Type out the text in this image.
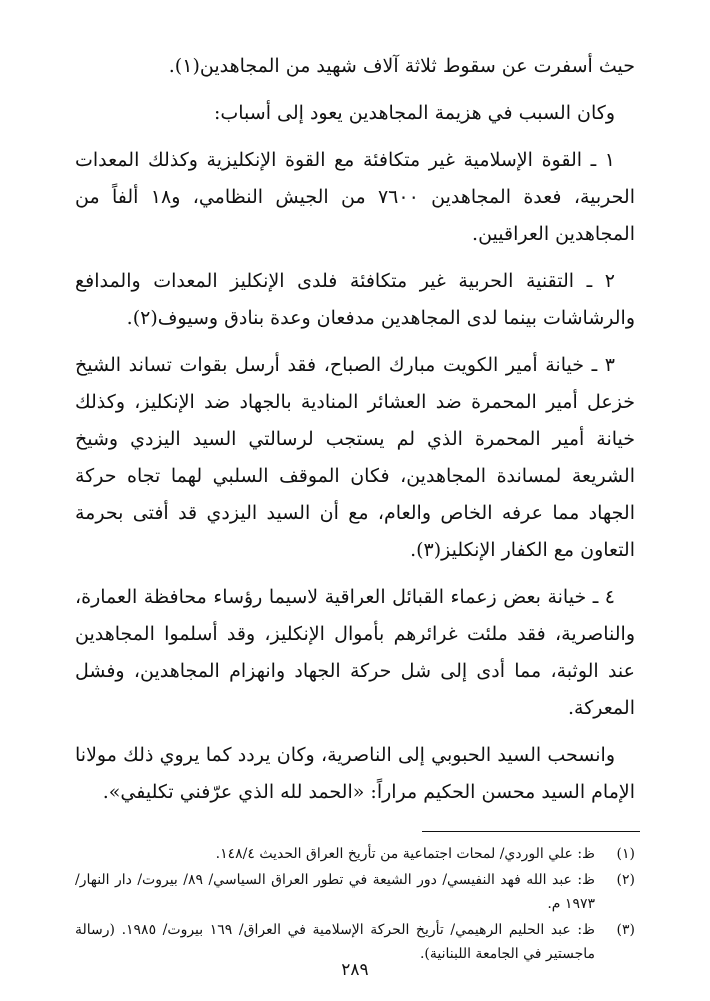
حيث أسفرت عن سقوط ثلاثة آلاف شهيد من المجاهدين(١).

وكان السبب في هزيمة المجاهدين يعود إلى أسباب:

١ ـ القوة الإسلامية غير متكافئة مع القوة الإنكليزية وكذلك المعدات الحربية، فعدة المجاهدين ٧٦٠٠ من الجيش النظامي، و١٨ ألفاً من المجاهدين العراقيين.

٢ ـ التقنية الحربية غير متكافئة فلدى الإنكليز المعدات والمدافع والرشاشات بينما لدى المجاهدين مدفعان وعدة بنادق وسيوف(٢).

٣ ـ خيانة أمير الكويت مبارك الصباح، فقد أرسل بقوات تساند الشيخ خزعل أمير المحمرة ضد العشائر المنادية بالجهاد ضد الإنكليز، وكذلك خيانة أمير المحمرة الذي لم يستجب لرسالتي السيد اليزدي وشيخ الشريعة لمساندة المجاهدين، فكان الموقف السلبي لهما تجاه حركة الجهاد مما عرفه الخاص والعام، مع أن السيد اليزدي قد أفتى بحرمة التعاون مع الكفار الإنكليز(٣).

٤ ـ خيانة بعض زعماء القبائل العراقية لاسيما رؤساء محافظة العمارة، والناصرية، فقد ملئت غرائرهم بأموال الإنكليز، وقد أسلموا المجاهدين عند الوثبة، مما أدى إلى شل حركة الجهاد وانهزام المجاهدين، وفشل المعركة.

وانسحب السيد الحبوبي إلى الناصرية، وكان يردد كما يروي ذلك مولانا الإمام السيد محسن الحكيم مراراً: «الحمد لله الذي عرّفني تكليفي».

(١)
ظ: علي الوردي/ لمحات اجتماعية من تأريخ العراق الحديث ١٤٨/٤.
(٢)
ظ: عبد الله فهد النفيسي/ دور الشيعة في تطور العراق السياسي/ ٨٩/ بيروت/ دار النهار/ ١٩٧٣ م.
(٣)
ظ: عبد الحليم الرهيمي/ تأريخ الحركة الإسلامية في العراق/ ١٦٩ بيروت/ ١٩٨٥. (رسالة ماجستير في الجامعة اللبنانية).
٢٨٩
